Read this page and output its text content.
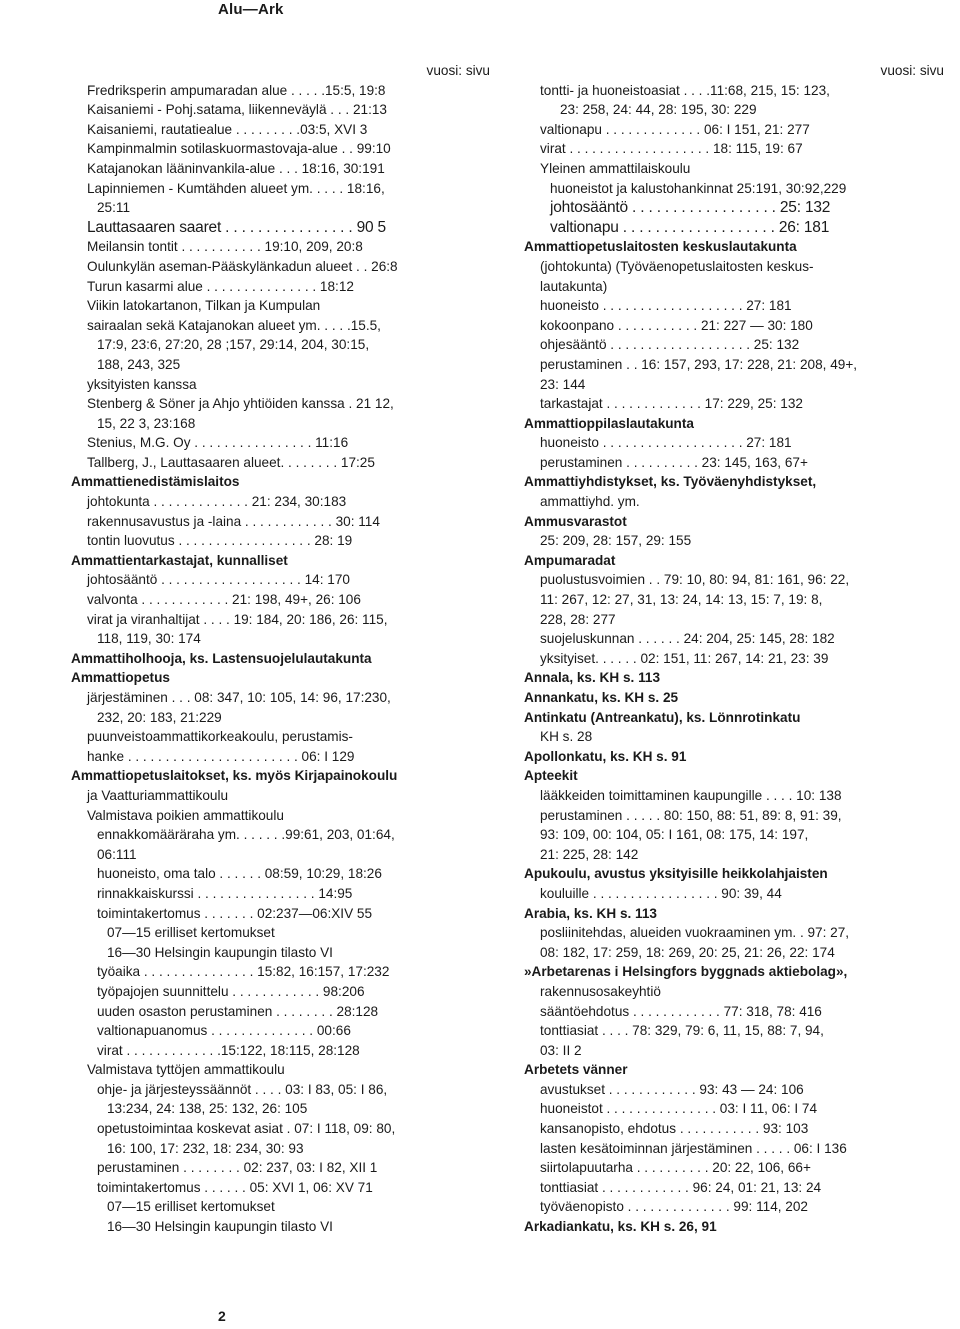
Alu—Ark
vuosi: sivu
Fredriksperin ampumaradan alue . . . . .15:5, 19:8
Kaisaniemi - Pohj.satama, liikenneväylä . . . 21:13
Kaisaniemi, rautatiealue . . . . . . . . .03:5, XVI 3
Kampinmalmin sotilaskuormastovaja-alue . . 99:10
Katajanokan lääninvankila-alue . . . 18:16, 30:191
Lapinniemen - Kumtähden alueet ym. . . . . 18:16,
25:11
Lauttasaaren saaret . . . . . . . . . . . . . . . . 90 5
Meilansin tontit . . . . . . . . . . . 19:10, 209, 20:8
Oulunkylän aseman-Pääskylänkadun alueet . . 26:8
Turun kasarmi alue . . . . . . . . . . . . . . . 18:12
Viikin latokartanon, Tilkan ja Kumpulan
sairaalan sekä Katajanokan alueet ym. . . . .15.5,
17:9, 23:6, 27:20, 28 ;157, 29:14, 204, 30:15,
188, 243, 325
yksityisten kanssa
Stenberg & Söner ja Ahjo yhtiöiden kanssa . 21 12,
15, 22 3, 23:168
Stenius, M.G. Oy . . . . . . . . . . . . . . . . 11:16
Tallberg, J., Lauttasaaren alueet. . . . . . . . 17:25
Ammattienedistämislaitos
johtokunta . . . . . . . . . . . . . 21: 234, 30:183
rakennusavustus ja -laina . . . . . . . . . . . . 30: 114
tontin luovutus . . . . . . . . . . . . . . . . . . 28: 19
Ammattientarkastajat, kunnalliset
johtosääntö . . . . . . . . . . . . . . . . . . . 14: 170
valvonta . . . . . . . . . . . . 21: 198, 49+, 26: 106
virat ja viranhaltijat . . . . 19: 184, 20: 186, 26: 115,
118, 119, 30: 174
Ammattiholhooja, ks. Lastensuojelulautakunta
Ammattiopetus
järjestäminen . . . 08: 347, 10: 105, 14: 96, 17:230,
232, 20: 183, 21:229
puunveistoammattikorkeakoulu, perustamis-
hanke . . . . . . . . . . . . . . . . . . . . . . . 06: I 129
Ammattiopetuslaitokset, ks. myös Kirjapainokoulu
ja Vaatturiammattikoulu
Valmistava poikien ammattikoulu
ennakkomääräraha ym. . . . . . .99:61, 203, 01:64,
06:111
huoneisto, oma talo . . . . . . 08:59, 10:29, 18:26
rinnakkaiskurssi . . . . . . . . . . . . . . . . 14:95
toimintakertomus . . . . . . . 02:237—06:XIV 55
07—15 erilliset kertomukset
16—30 Helsingin kaupungin tilasto VI
työaika . . . . . . . . . . . . . . . 15:82, 16:157, 17:232
työpajojen suunnittelu . . . . . . . . . . . . 98:206
uuden osaston perustaminen . . . . . . . . 28:128
valtionapuanomus . . . . . . . . . . . . . . 00:66
virat . . . . . . . . . . . . .15:122, 18:115, 28:128
Valmistava tyttöjen ammattikoulu
ohje- ja järjesteyssäännöt . . . . 03: I 83, 05: I 86,
13:234, 24: 138, 25: 132, 26: 105
opetustoimintaa koskevat asiat . 07: I 118, 09: 80,
16: 100, 17: 232, 18: 234, 30: 93
perustaminen . . . . . . . . 02: 237, 03: I 82, XII 1
toimintakertomus . . . . . . 05: XVI 1, 06: XV 71
07—15 erilliset kertomukset
16—30 Helsingin kaupungin tilasto VI
vuosi: sivu
tontti- ja huoneistoasiat . . . .11:68, 215, 15: 123,
23: 258, 24: 44, 28: 195, 30: 229
valtionapu . . . . . . . . . . . . . 06: I 151, 21: 277
virat . . . . . . . . . . . . . . . . . . . 18: 115, 19: 67
Yleinen ammattilaiskoulu
huoneistot ja kalustohankinnat 25:191, 30:92,229
johtosääntö . . . . . . . . . . . . . . . . . . 25: 132
valtionapu . . . . . . . . . . . . . . . . . . . 26: 181
Ammattiopetuslaitosten keskuslautakunta
(johtokunta) (Työväenopetuslaitosten keskus-
lautakunta)
huoneisto . . . . . . . . . . . . . . . . . . . 27: 181
kokoonpano . . . . . . . . . . . 21: 227 — 30: 180
ohjesääntö . . . . . . . . . . . . . . . . . . . 25: 132
perustaminen . . 16: 157, 293, 17: 228, 21: 208, 49+,
23: 144
tarkastajat . . . . . . . . . . . . . 17: 229, 25: 132
Ammattioppilaslautakunta
huoneisto . . . . . . . . . . . . . . . . . . . 27: 181
perustaminen . . . . . . . . . . 23: 145, 163, 67+
Ammattiyhdistykset, ks. Työväenyhdistykset,
ammattiyhd. ym.
Ammusvarastot
25: 209, 28: 157, 29: 155
Ampumaradat
puolustusvoimien . . 79: 10, 80: 94, 81: 161, 96: 22,
11: 267, 12: 27, 31, 13: 24, 14: 13, 15: 7, 19: 8,
228, 28: 277
suojeluskunnan . . . . . . 24: 204, 25: 145, 28: 182
yksityiset. . . . . . 02: 151, 11: 267, 14: 21, 23: 39
Annala, ks. KH s. 113
Annankatu, ks. KH s. 25
Antinkatu (Antreankatu), ks. Lönnrotinkatu
KH s. 28
Apollonkatu, ks. KH s. 91
Apteekit
lääkkeiden toimittaminen kaupungille . . . . 10: 138
perustaminen . . . . . 80: 150, 88: 51, 89: 8, 91: 39,
93: 109, 00: 104, 05: I 161, 08: 175, 14: 197,
21: 225, 28: 142
Apukoulu, avustus yksityisille heikkolahjaisten
kouluille . . . . . . . . . . . . . . . . . 90: 39, 44
Arabia, ks. KH s. 113
posliinitehdas, alueiden vuokraaminen ym. . 97: 27,
08: 182, 17: 259, 18: 269, 20: 25, 21: 26, 22: 174
»Arbetarenas i Helsingfors byggnads aktiebolag»,
rakennusosakeyhtiö
sääntöehdotus . . . . . . . . . . . . 77: 318, 78: 416
tonttiasiat . . . . 78: 329, 79: 6, 11, 15, 88: 7, 94,
03: II 2
Arbetets vänner
avustukset . . . . . . . . . . . . 93: 43 — 24: 106
huoneistot . . . . . . . . . . . . . . . 03: I 11, 06: I 74
kansanopisto, ehdotus . . . . . . . . . . . 93: 103
lasten kesätoiminnan järjestäminen . . . . . 06: I 136
siirtolapuutarha . . . . . . . . . . 20: 22, 106, 66+
tonttiasiat . . . . . . . . . . . . 96: 24, 01: 21, 13: 24
työväenopisto . . . . . . . . . . . . . . 99: 114, 202
Arkadiankatu, ks. KH s. 26, 91
2
